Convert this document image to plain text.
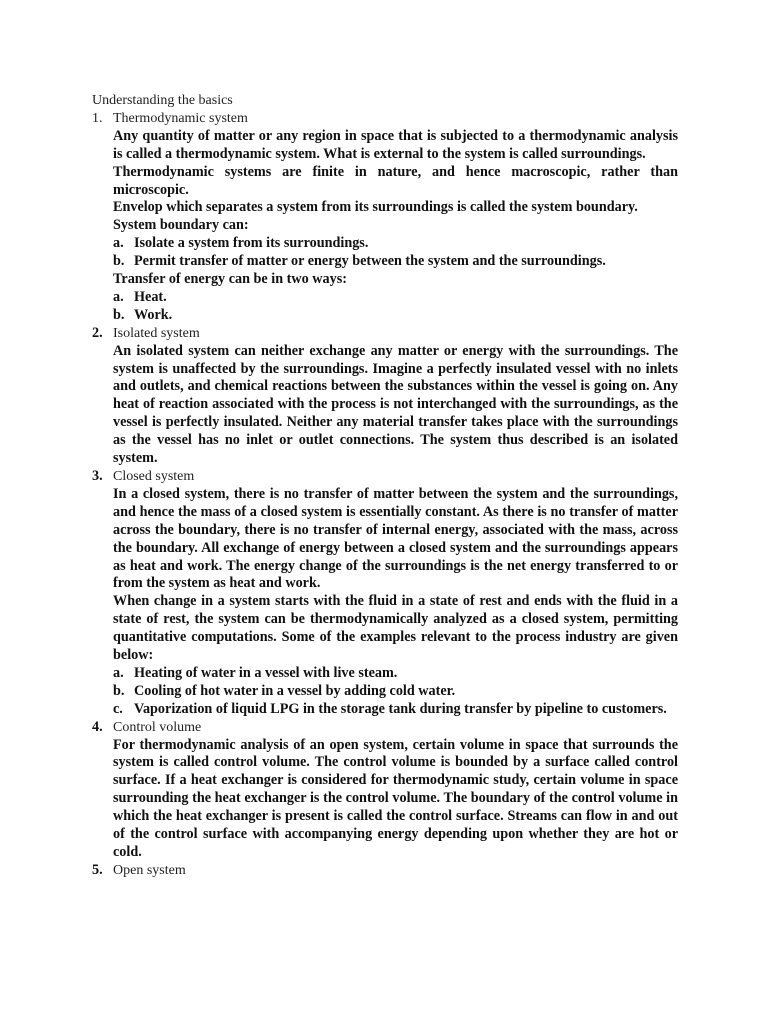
Understanding the basics
1. Thermodynamic system

Any quantity of matter or any region in space that is subjected to a thermodynamic analysis is called a thermodynamic system. What is external to the system is called surroundings.

Thermodynamic systems are finite in nature, and hence macroscopic, rather than microscopic.

Envelop which separates a system from its surroundings is called the system boundary.

System boundary can:

a. Isolate a system from its surroundings.
b. Permit transfer of matter or energy between the system and the surroundings.

Transfer of energy can be in two ways:

a. Heat.
b. Work.
2. Isolated system

An isolated system can neither exchange any matter or energy with the surroundings. The system is unaffected by the surroundings. Imagine a perfectly insulated vessel with no inlets and outlets, and chemical reactions between the substances within the vessel is going on. Any heat of reaction associated with the process is not interchanged with the surroundings, as the vessel is perfectly insulated. Neither any material transfer takes place with the surroundings as the vessel has no inlet or outlet connections. The system thus described is an isolated system.

3. Closed system

In a closed system, there is no transfer of matter between the system and the surroundings, and hence the mass of a closed system is essentially constant. As there is no transfer of matter across the boundary, there is no transfer of internal energy, associated with the mass, across the boundary. All exchange of energy between a closed system and the surroundings appears as heat and work. The energy change of the surroundings is the net energy transferred to or from the system as heat and work.

When change in a system starts with the fluid in a state of rest and ends with the fluid in a state of rest, the system can be thermodynamically analyzed as a closed system, permitting quantitative computations. Some of the examples relevant to the process industry are given below:

a. Heating of water in a vessel with live steam.
b. Cooling of hot water in a vessel by adding cold water.
c. Vaporization of liquid LPG in the storage tank during transfer by pipeline to customers.
4. Control volume

For thermodynamic analysis of an open system, certain volume in space that surrounds the system is called control volume. The control volume is bounded by a surface called control surface. If a heat exchanger is considered for thermodynamic study, certain volume in space surrounding the heat exchanger is the control volume. The boundary of the control volume in which the heat exchanger is present is called the control surface. Streams can flow in and out of the control surface with accompanying energy depending upon whether they are hot or cold.

5. Open system
